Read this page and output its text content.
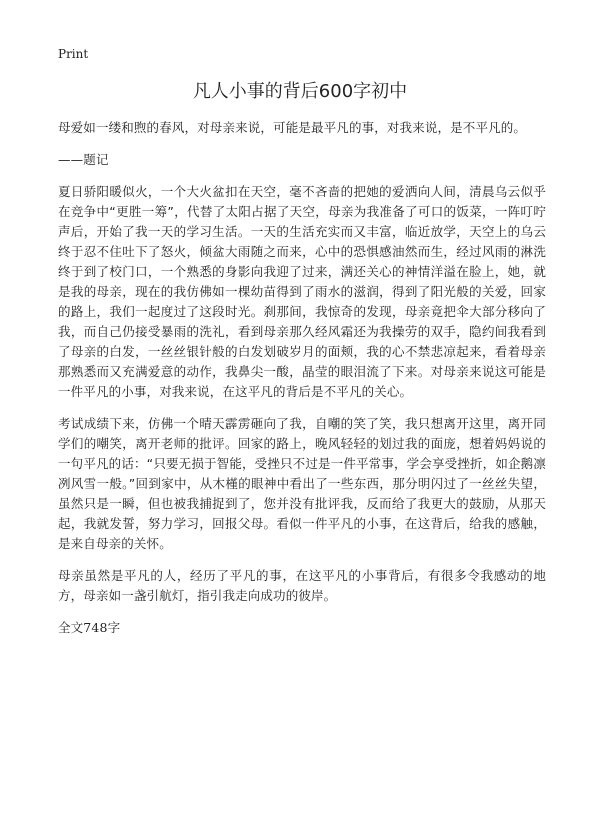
Print
凡人小事的背后600字初中

母爱如一缕和煦的春风，对母亲来说，可能是最平凡的事，对我来说，是不平凡的。

——题记

夏日骄阳暖似火，一个大火盆扣在天空，毫不吝啬的把她的爱洒向人间，清晨乌云似乎在竞争中“更胜一筹”，代替了太阳占据了天空，母亲为我准备了可口的饭菜，一阵叮咛声后，开始了我一天的学习生活。一天的生活充实而又丰富，临近放学，天空上的乌云终于忍不住吐下了怒火，倾盆大雨随之而来，心中的恐惧感油然而生，经过风雨的淋洗终于到了校门口，一个熟悉的身影向我迎了过来，满还关心的神情洋溢在脸上，她，就是我的母亲，现在的我仿佛如一棵幼苗得到了雨水的滋润，得到了阳光般的关爱，回家的路上，我们一起度过了这段时光。刹那间，我惊奇的发现，母亲竟把伞大部分移向了我，而自己仍接受暴雨的洗礼，看到母亲那久经风霜还为我操劳的双手，隐约间我看到了母亲的白发，一丝丝银针般的白发划破岁月的面颊，我的心不禁悲凉起来，看着母亲那熟悉而又充满爱意的动作，我鼻尖一酸，晶莹的眼泪流了下来。对母亲来说这可能是一件平凡的小事，对我来说，在这平凡的背后是不平凡的关心。

考试成绩下来，仿佛一个晴天霹雳砸向了我，自嘲的笑了笑，我只想离开这里，离开同学们的嘲笑，离开老师的批评。回家的路上，晚风轻轻的划过我的面庞，想着妈妈说的一句平凡的话：“只要无损于智能，受挫只不过是一件平常事，学会享受挫折，如企鹅凛冽风雪一般。”回到家中，从木槿的眼神中看出了一些东西，那分明闪过了一丝丝失望，虽然只是一瞬，但也被我捕捉到了，您并没有批评我，反而给了我更大的鼓励，从那天起，我就发誓，努力学习，回报父母。看似一件平凡的小事，在这背后，给我的感触，是来自母亲的关怀。

母亲虽然是平凡的人，经历了平凡的事，在这平凡的小事背后，有很多令我感动的地方，母亲如一盏引航灯，指引我走向成功的彼岸。

全文748字
